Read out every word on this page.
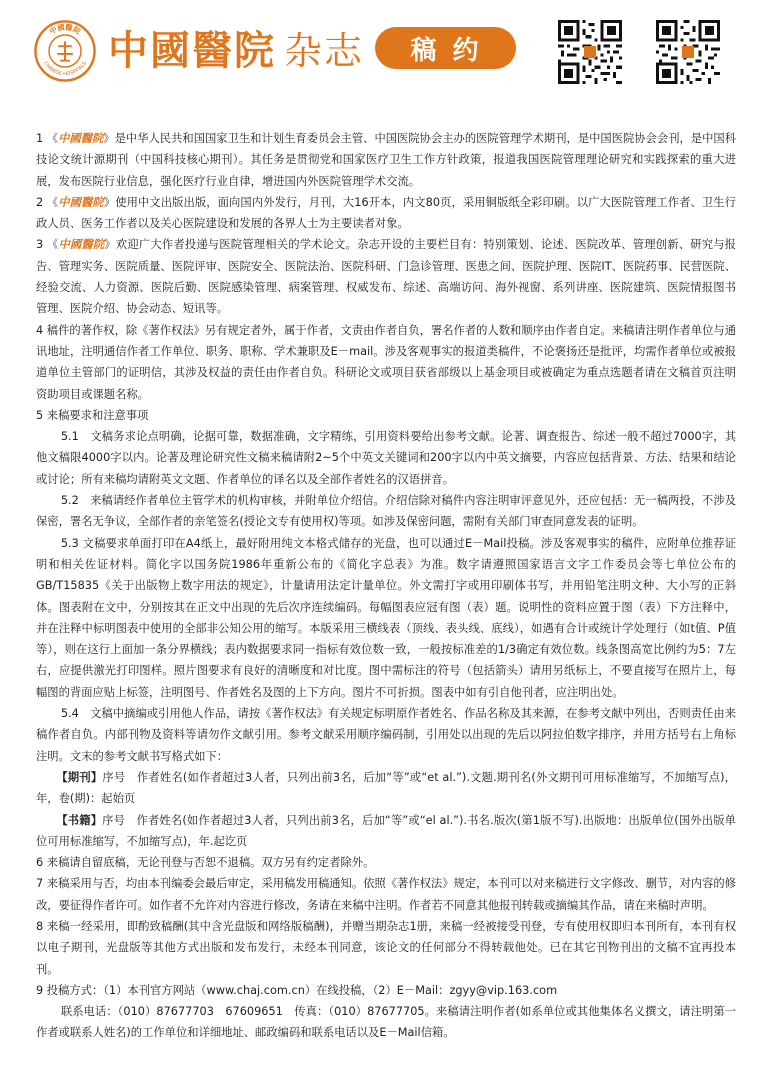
中國醫院
CHINESE HOSPITALS 中國醫院 杂志	稿约

1 《中國醫院》是中华人民共和国国家卫生和计划生育委员会主管、中国医院协会主办的医院管理学术期刊，是中国医院协会会刊，是中国科技论文统计源期刊（中国科技核心期刊）。其任务是贯彻党和国家医疗卫生工作方针政策，报道我国医院管理理论研究和实践探索的重大进展，发布医院行业信息，强化医疗行业自律，增进国内外医院管理学术交流。

2 《中國醫院》使用中文出版出版，面向国内外发行，月刊，大16开本，内文80页，采用铜版纸全彩印刷。以广大医院管理工作者、卫生行政人员、医务工作者以及关心医院建设和发展的各界人士为主要读者对象。

3 《中國醫院》欢迎广大作者投递与医院管理相关的学术论文。杂志开设的主要栏目有：特别策划、论述、医院改革、管理创新、研究与报告、管理实务、医院质量、医院评审、医院安全、医院法治、医院科研、门急诊管理、医患之间、医院护理、医院IT、医院药事、民营医院、经验交流、人力资源、医院后勤、医院感染管理、病案管理、权威发布、综述、高端访问、海外视窗、系列讲座、医院建筑、医院情报图书管理、医院介绍、协会动态、短讯等。

4 稿件的著作权，除《著作权法》另有规定者外，属于作者，文责由作者自负，署名作者的人数和顺序由作者自定。来稿请注明作者单位与通讯地址，注明通信作者工作单位、职务、职称、学术兼职及E－mail。涉及客观事实的报道类稿件，不论褒扬还是批评，均需作者单位或被报道单位主管部门的证明信，其涉及权益的责任由作者自负。科研论文或项目获省部级以上基金项目或被确定为重点选题者请在文稿首页注明资助项目或课题名称。

5 来稿要求和注意事项

5.1　文稿务求论点明确，论据可靠，数据准确，文字精练，引用资料要给出参考文献。论著、调查报告、综述一般不超过7000字，其他文稿限4000字以内。论著及理论研究性文稿来稿请附2~5个中英文关键词和200字以内中英文摘要，内容应包括背景、方法、结果和结论或讨论；所有来稿均请附英文文题、作者单位的译名以及全部作者姓名的汉语拼音。

5.2　来稿请经作者单位主管学术的机构审核，并附单位介绍信。介绍信除对稿件内容注明审评意见外，还应包括：无一稿两投，不涉及保密，署名无争议，全部作者的亲笔签名(授论文专有使用权)等项。如涉及保密问题，需附有关部门审查同意发表的证明。

5.3 文稿要求单面打印在A4纸上，最好附用纯文本格式储存的光盘，也可以通过E－Mail投稿。涉及客观事实的稿件，应附单位推荐证明和相关佐证材料。简化字以国务院1986年重新公布的《简化字总表》为准。数字请遵照国家语言文字工作委员会等七单位公布的GB/T15835《关于出版物上数字用法的规定》，计量请用法定计量单位。外文需打字或用印刷体书写，并用铅笔注明文种、大小写的正斜体。图表附在文中，分别按其在正文中出现的先后次序连续编码。每幅图表应冠有图（表）题。说明性的资料应置于图（表）下方注释中，并在注释中标明图表中使用的全部非公知公用的缩写。本版采用三横线表（顶线、表头线、底线），如遇有合计或统计学处理行（如t值、P值等），则在这行上面加一条分界横线；表内数据要求同一指标有效位数一致，一般按标准差的1/3确定有效位数。线条图高宽比例约为5：7左右，应提供激光打印图样。照片图要求有良好的清晰度和对比度。图中需标注的符号（包括箭头）请用另纸标上，不要直接写在照片上，每幅图的背面应贴上标签，注明图号、作者姓名及图的上下方向。图片不可折损。图表中如有引自他刊者，应注明出处。

5.4　文稿中摘编或引用他人作品，请按《著作权法》有关规定标明原作者姓名、作品名称及其来源，在参考文献中列出，否则责任由来稿作者自负。内部刊物及资料等请勿作文献引用。参考文献采用顺序编码制，引用处以出现的先后以阿拉伯数字排序，并用方括号右上角标注明。文末的参考文献书写格式如下：

【期刊】序号　作者姓名(如作者超过3人者，只列出前3名，后加“等”或“et al.”).文题.期刊名(外文期刊可用标准缩写，不加缩写点)，年，卷(期)：起始页

【书籍】序号　作者姓名(如作者超过3人者，只列出前3名，后加“等”或“el al.”).书名.版次(第1版不写).出版地：出版单位(国外出版单位可用标准缩写，不加缩写点)，年.起讫页

6 来稿请自留底稿，无论刊登与否恕不退稿。双方另有约定者除外。

7 来稿采用与否，均由本刊编委会最后审定，采用稿发用稿通知。依照《著作权法》规定，本刊可以对来稿进行文字修改、删节，对内容的修改，要征得作者许可。如作者不允许对内容进行修改，务请在来稿中注明。作者若不同意其他报刊转载或摘编其作品，请在来稿时声明。

8 来稿一经采用，即酌致稿酬(其中含光盘版和网络版稿酬)，并赠当期杂志1册，来稿一经被接受刊登，专有使用权即归本刊所有，本刊有权以电子期刊，光盘版等其他方式出版和发布发行，未经本刊同意，该论文的任何部分不得转载他处。已在其它刊物刊出的文稿不宜再投本刊。

9 投稿方式：（1）本刊官方网站（www.chaj.com.cn）在线投稿，（2）E－Mail：zgyy@vip.163.com

联系电话：（010）87677703　67609651　传真：（010）87677705。来稿请注明作者(如系单位或其他集体名义撰文，请注明第一作者或联系人姓名)的工作单位和详细地址、邮政编码和联系电话以及E－Mail信箱。
